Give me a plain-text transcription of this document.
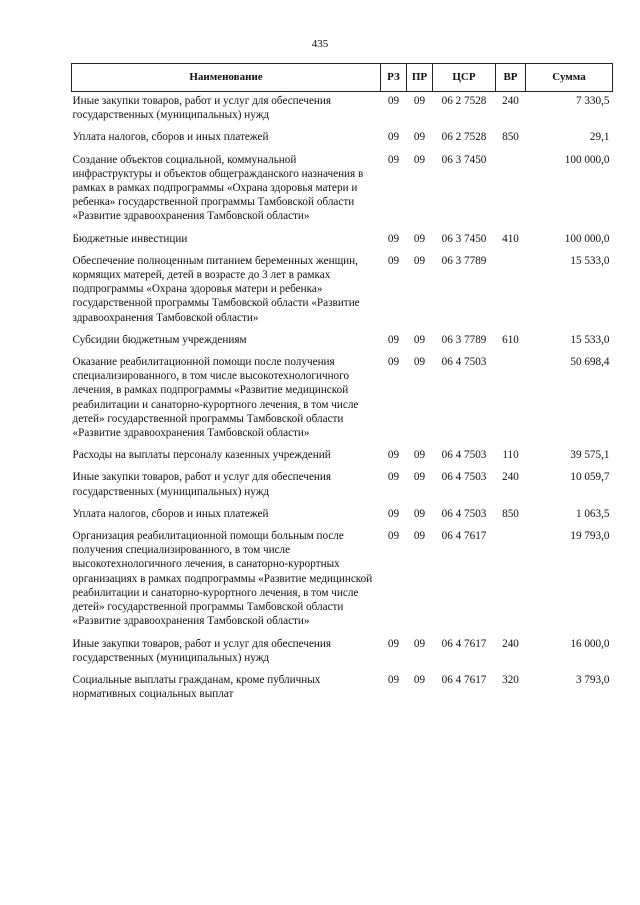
435
Наименование	РЗ	ПР	ЦСР	ВР	Сумма
Иные закупки товаров, работ и услуг для обеспечения государственных (муниципальных) нужд	09	09	06 2 7528	240	7 330,5
Уплата налогов, сборов и иных платежей	09	09	06 2 7528	850	29,1
Создание объектов социальной, коммунальной инфраструктуры и объектов общегражданского назначения в рамках в рамках подпрограммы «Охрана здоровья матери и ребенка» государственной программы Тамбовской области «Развитие здравоохранения Тамбовской области»	09	09	06 3 7450		100 000,0
Бюджетные инвестиции	09	09	06 3 7450	410	100 000,0
Обеспечение полноценным питанием беременных женщин, кормящих матерей, детей в возрасте до 3 лет в рамках подпрограммы «Охрана здоровья матери и ребенка» государственной программы Тамбовской области «Развитие здравоохранения Тамбовской области»	09	09	06 3 7789		15 533,0
Субсидии бюджетным учреждениям	09	09	06 3 7789	610	15 533,0
Оказание реабилитационной помощи после получения специализированного, в том числе высокотехнологичного лечения, в рамках подпрограммы «Развитие медицинской реабилитации и санаторно-курортного лечения, в том числе детей» государственной программы Тамбовской области «Развитие здравоохранения Тамбовской области»	09	09	06 4 7503		50 698,4
Расходы на выплаты персоналу казенных учреждений	09	09	06 4 7503	110	39 575,1
Иные закупки товаров, работ и услуг для обеспечения государственных (муниципальных) нужд	09	09	06 4 7503	240	10 059,7
Уплата налогов, сборов и иных платежей	09	09	06 4 7503	850	1 063,5
Организация реабилитационной помощи больным после получения специализированного, в том числе высокотехнологичного лечения, в санаторно-курортных организациях в рамках подпрограммы «Развитие медицинской реабилитации и санаторно-курортного лечения, в том числе детей» государственной программы Тамбовской области «Развитие здравоохранения Тамбовской области»	09	09	06 4 7617		19 793,0
Иные закупки товаров, работ и услуг для обеспечения государственных (муниципальных) нужд	09	09	06 4 7617	240	16 000,0
Социальные выплаты гражданам, кроме публичных нормативных социальных выплат	09	09	06 4 7617	320	3 793,0
